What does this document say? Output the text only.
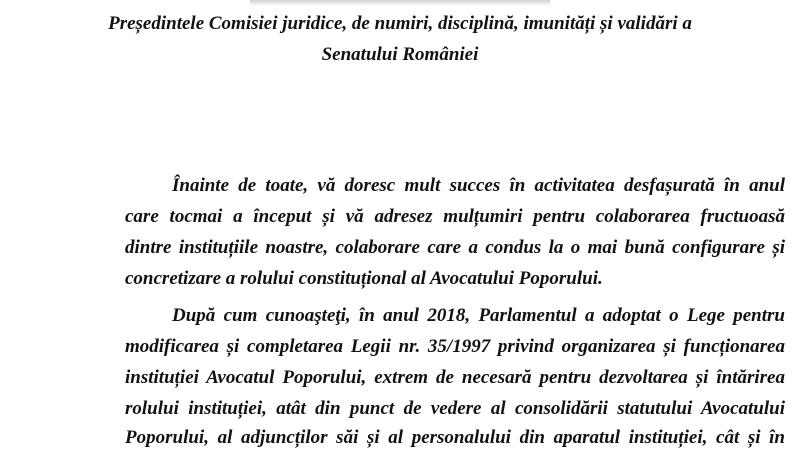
Președintele Comisiei juridice, de numiri, disciplină, imunități și validări a
Senatului României
Înainte de toate, vă doresc mult succes în activitatea desfașurată în anul
care tocmai a început și vă adresez mulțumiri pentru colaborarea fructuoasă
dintre instituțiile noastre, colaborare care a condus la o mai bună configurare și
concretizare a rolului constituțional al Avocatului Poporului.
După cum cunoaşteţi, în anul 2018, Parlamentul a adoptat o Lege pentru
modificarea și completarea Legii nr. 35/1997 privind organizarea și funcționarea
instituției Avocatul Poporului, extrem de necesară pentru dezvoltarea și întărirea
rolului instituției, atât din punct de vedere al consolidării statutului Avocatului
Poporului, al adjuncților săi și al personalului din aparatul instituției, cât și în
